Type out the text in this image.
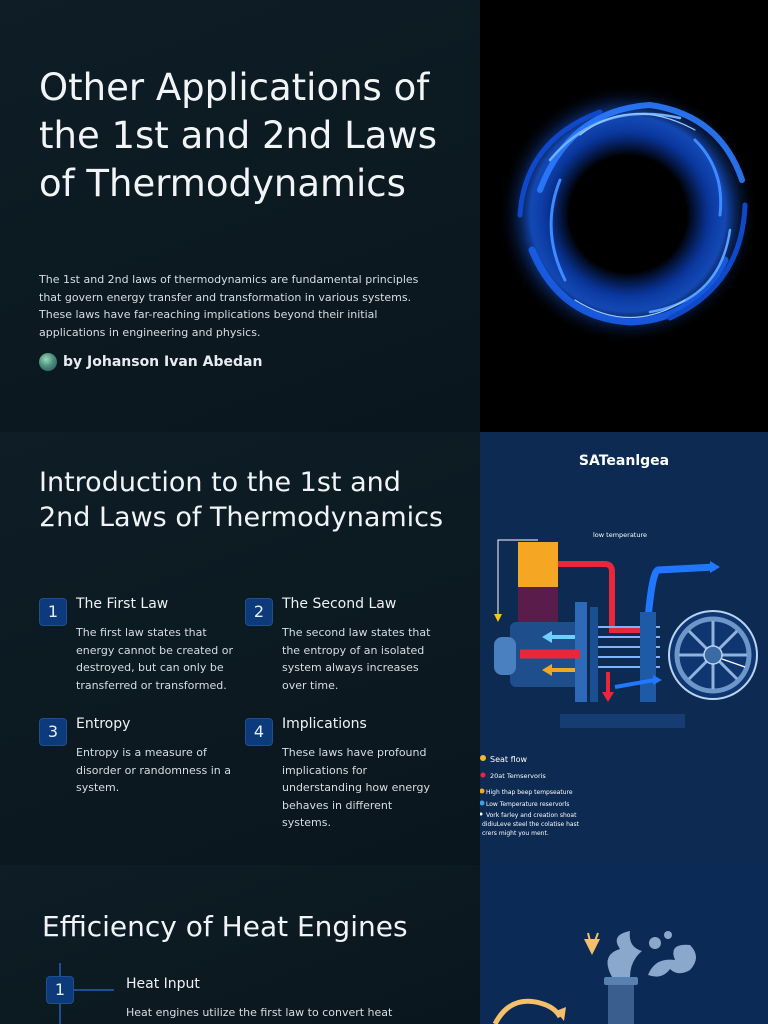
Other Applications of the 1st and 2nd Laws of Thermodynamics

The 1st and 2nd laws of thermodynamics are fundamental principles that govern energy transfer and transformation in various systems. These laws have far-reaching implications beyond their initial applications in engineering and physics.

by Johanson Ivan Abedan
SATeanlgea
low temperature
Seat flow
20at Temservoris
High thap beep tempseature
Low Temperature reservorls
Vork farley and creation shoat
didiuLeve steel the colatise hast
crers might you ment.
Introduction to the 1st and 2nd Laws of Thermodynamics
1	The First Law

The first law states that energy cannot be created or destroyed, but can only be transferred or transformed.

2	The Second Law

The second law states that the entropy of an isolated system always increases over time.

3	Entropy

Entropy is a measure of disorder or randomness in a system.

4	Implications

These laws have profound implications for understanding how energy behaves in different systems.

Efficiency of Heat Engines
1	Heat Input

Heat engines utilize the first law to convert heat
